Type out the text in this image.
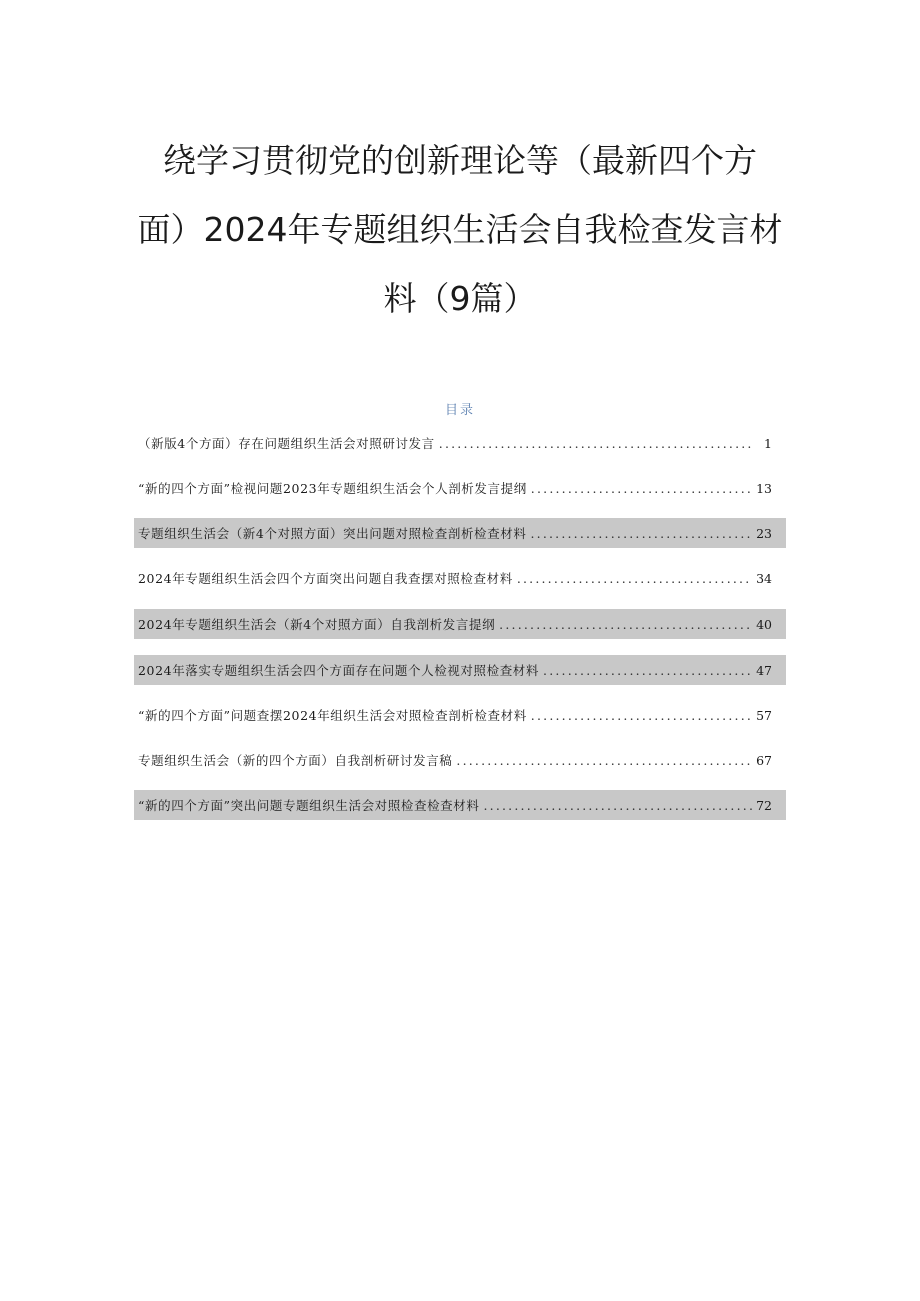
绕学习贯彻党的创新理论等（最新四个方
面）2024年专题组织生活会自我检查发言材
料（9篇）
目录
（新版4个方面）存在问题组织生活会对照研讨发言 .....	1
“新的四个方面”检视问题2023年专题组织生活会个人剖析发言提纲 .....	13
专题组织生活会（新4个对照方面）突出问题对照检查剖析检查材料 .....	23
2024年专题组织生活会四个方面突出问题自我查摆对照检查材料 .....	34
2024年专题组织生活会（新4个对照方面）自我剖析发言提纲 .....	40
2024年落实专题组织生活会四个方面存在问题个人检视对照检查材料 .....	47
“新的四个方面”问题查摆2024年组织生活会对照检查剖析检查材料 .....	57
专题组织生活会（新的四个方面）自我剖析研讨发言稿 .....	67
“新的四个方面”突出问题专题组织生活会对照检查检查材料 .....	72
